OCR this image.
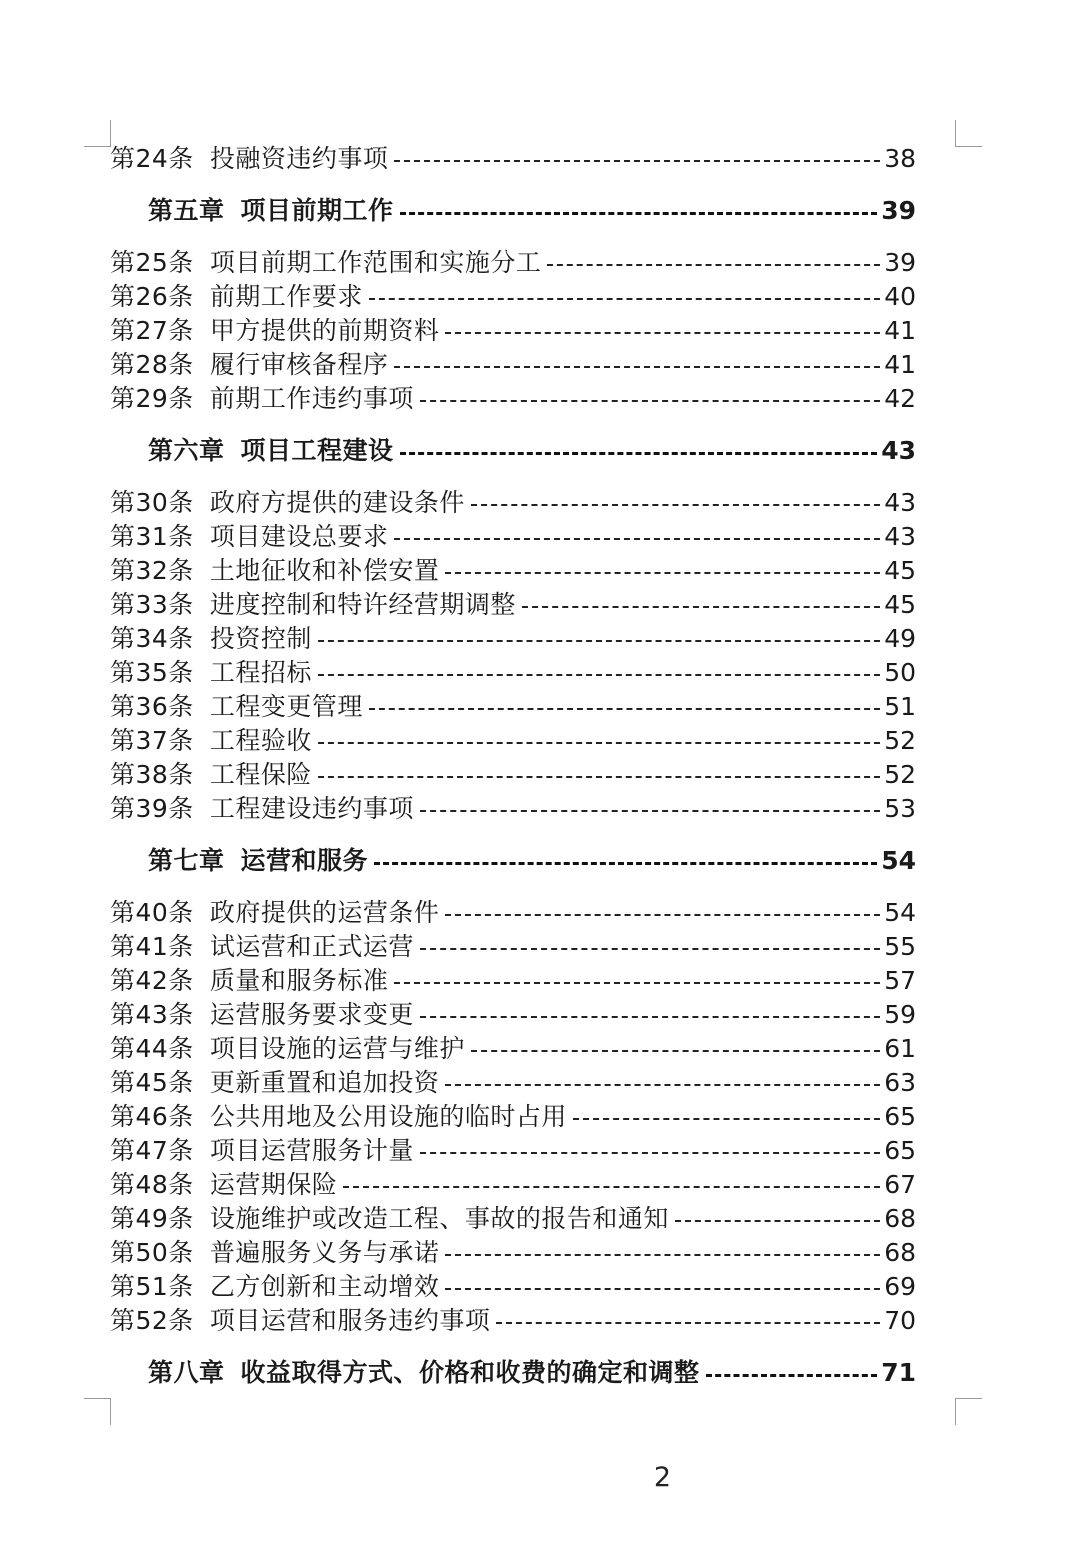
第24条 投融资违约事项	38
第五章 项目前期工作	39
第25条 项目前期工作范围和实施分工	39
第26条 前期工作要求	40
第27条 甲方提供的前期资料	41
第28条 履行审核备程序	41
第29条 前期工作违约事项	42
第六章 项目工程建设	43
第30条 政府方提供的建设条件	43
第31条 项目建设总要求	43
第32条 土地征收和补偿安置	45
第33条 进度控制和特许经营期调整	45
第34条 投资控制	49
第35条 工程招标	50
第36条 工程变更管理	51
第37条 工程验收	52
第38条 工程保险	52
第39条 工程建设违约事项	53
第七章 运营和服务	54
第40条 政府提供的运营条件	54
第41条 试运营和正式运营	55
第42条 质量和服务标准	57
第43条 运营服务要求变更	59
第44条 项目设施的运营与维护	61
第45条 更新重置和追加投资	63
第46条 公共用地及公用设施的临时占用	65
第47条 项目运营服务计量	65
第48条 运营期保险	67
第49条 设施维护或改造工程、事故的报告和通知	68
第50条 普遍服务义务与承诺	68
第51条 乙方创新和主动增效	69
第52条 项目运营和服务违约事项	70
第八章 收益取得方式、价格和收费的确定和调整	71
2
